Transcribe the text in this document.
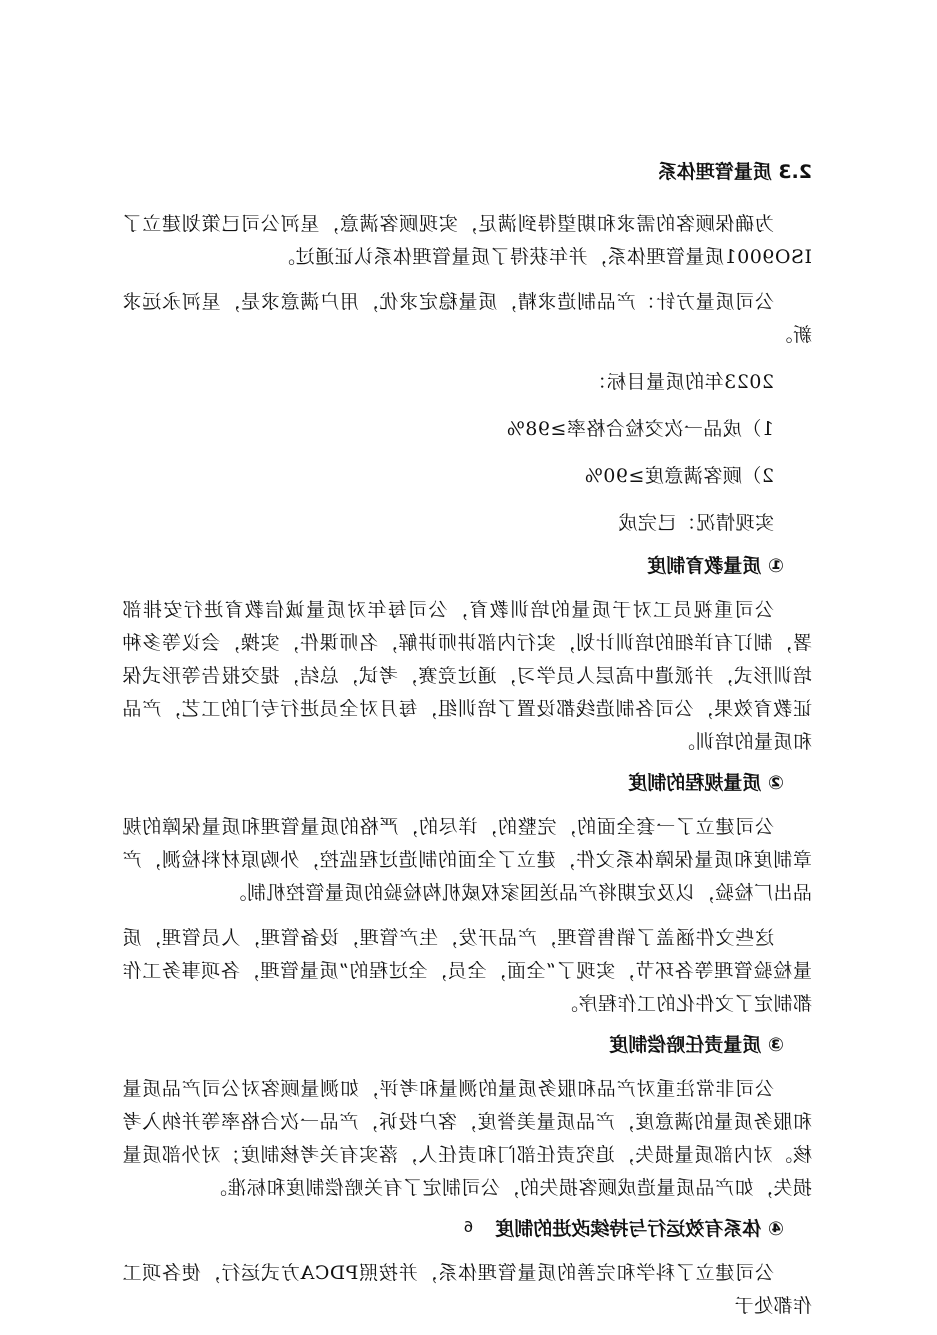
2.3 质量管理体系

为确保顾客的需求和期望得到满足，实现顾客满意，星河公司已策划建立了ISO9001质量管理体系，并年获得了质量管理体系认证通过。

公司质量方针：产品制造求精，质量稳定求优，用户满意求是，星河永远求新。

2023年的质量目标：

1）成品一次交检合格率≥98%

2）顾客满意度≥90%

实现情况：已完成

① 质量教育制度

公司重视员工对于质量的培训教育，公司每年对质量诚信教育进行安排部署，制订有详细的培训计划，实行内部讲师讲解，名师课件，实操，会议等多种培训形式，并派遣中高层人员学习，通过竞赛，考试，总结，提交报告等形式保证教育效果，公司各制造线都设置了培训组，每月对全员进行专门的工艺，产品和质量的培训。

② 质量规程的制度

公司建立了一套全面的，完整的，详尽的，严格的质量管理和质量保障的规章制度和质量保障体系文件，建立了全面的制造过程监控，外购原材料检测，产品出厂检验，以及定期将产品送国家权威机构检验的质量管控机制。

这些文件涵盖了销售管理，产品开发，生产管理，设备管理，人员管理，质量检验管理等各环节，实现了“全面，全员，全过程的”质量管理，各项事务工作都制定了文件化的工作程序。

③ 质量责任赔偿制度

公司非常注重对产品和服务质量的测量和考评，如测量顾客对公司产品质量和服务质量的满意度，产品质量美誉度，客户投诉，产品一次合格率等并纳入考核。对内部质量损失，追究责任部门和责任人，落实有关考核制度；对外部质量损失，如产品质量造成顾客损失的，公司制定了有关赔偿制度和标准。

④ 体系有效运行与持续改进的制度

公司建立了科学和完善的质量管理体系，并按照PDCA方式运行，使各项工作都处于

6
